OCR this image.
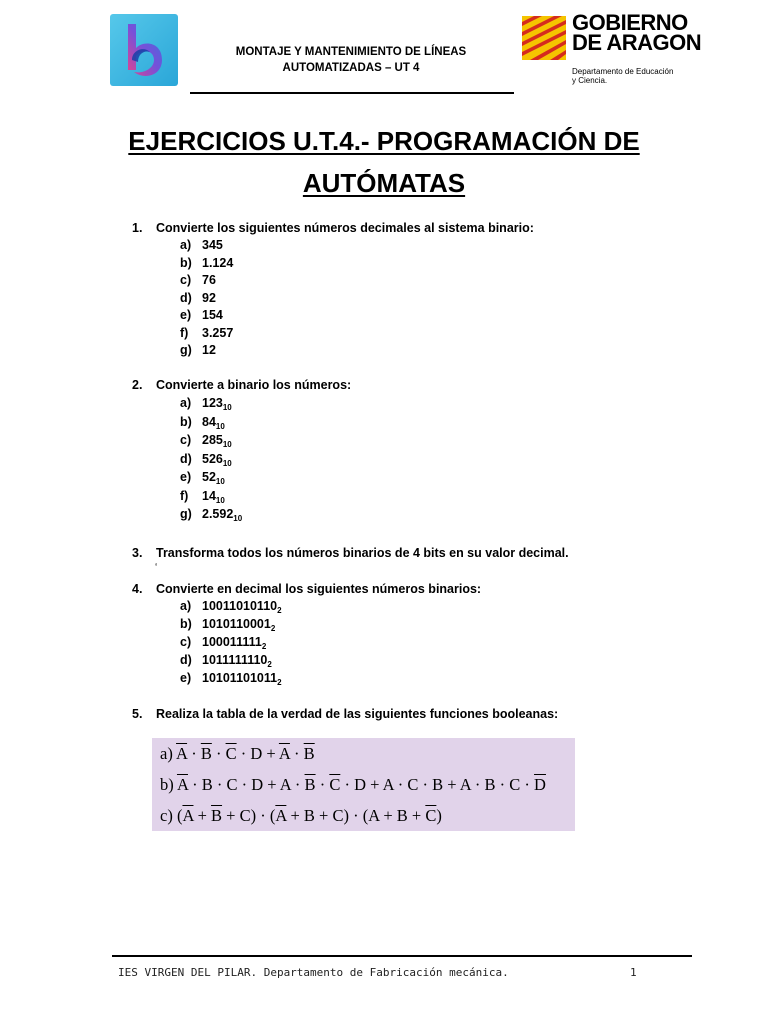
MONTAJE Y MANTENIMIENTO DE LÍNEAS
AUTOMATIZADAS – UT 4
GOBIERNO
DE ARAGON
Departamento de Educación
y Ciencia.
EJERCICIOS U.T.4.- PROGRAMACIÓN DE
AUTÓMATAS
1.	Convierte los siguientes números decimales al sistema binario:
a) 345
b) 1.124
c) 76
d) 92
e) 154
f)	3.257
g) 12
2.	Convierte a binario los números:
a) $123_{10}$
b) $84_{10}$
c) $285_{10}$
d) $526_{10}$
e) $52_{10}$
f)	$14_{10}$
g) $2.592_{10}$
3.	Transforma todos los números binarios de 4 bits en su valor decimal.
‘
4.	Convierte en decimal los siguientes números binarios:
a) $10011010110_2$
b) $1010110001_2$
c) $100011111_2$
d) $1011111110_2$
e) $10101101011_2$
5.	Realiza la tabla de la verdad de las siguientes funciones booleanas:
a) $\overline{A} \cdot \overline{B} \cdot \overline{C} \cdot D + \overline{A} \cdot \overline{B}$
b) $\overline{A} \cdot B \cdot C \cdot D + A \cdot \overline{B} \cdot \overline{C} \cdot D + A \cdot C \cdot B + A \cdot B \cdot C \cdot \overline{D}$
c) $(\overline{A} + \overline{B} + C) \cdot (\overline{A} + B + C) \cdot (A + B + \overline{C})$
IES VIRGEN DEL PILAR. Departamento de Fabricación mecánica.	1
